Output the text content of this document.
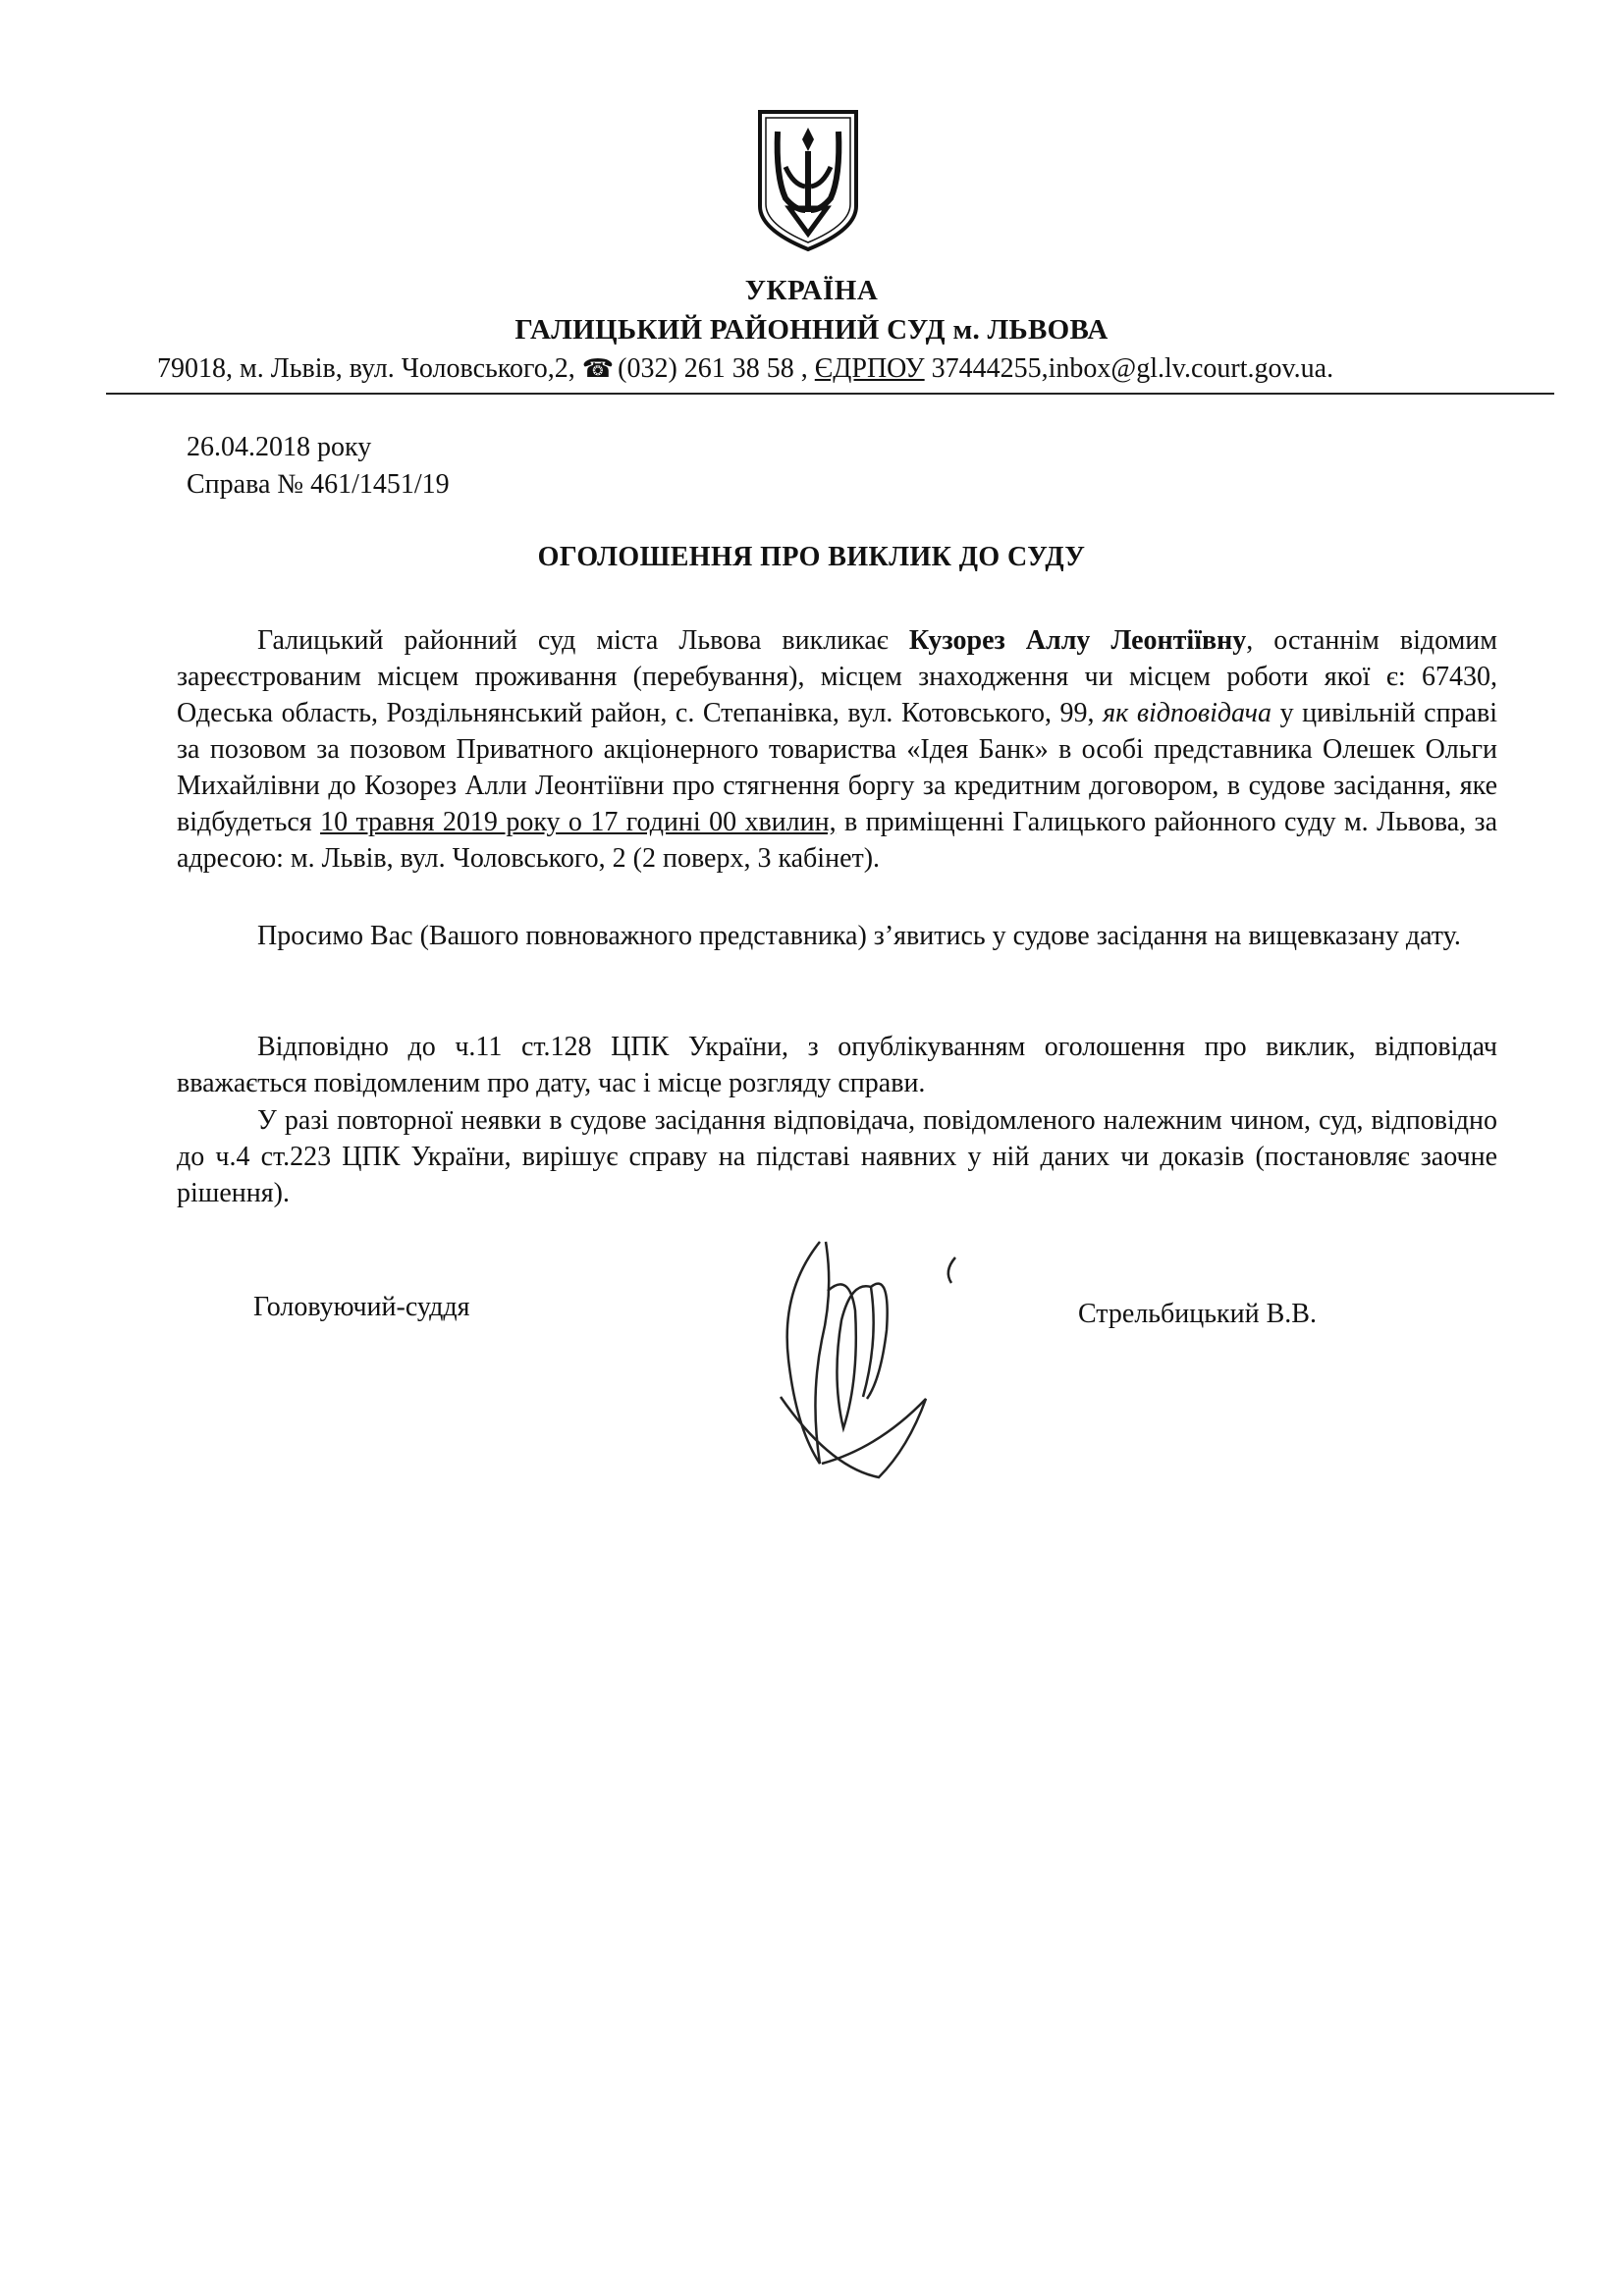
УКРАЇНА
ГАЛИЦЬКИЙ РАЙОННИЙ СУД м. ЛЬВОВА
79018, м. Львів, вул. Чоловського,2, ☎ (032) 261 38 58 , ЄДРПОУ 37444255,inbox@gl.lv.court.gov.ua.
26.04.2018 року
Справа № 461/1451/19
ОГОЛОШЕННЯ ПРО ВИКЛИК ДО СУДУ

Галицький районний суд міста Львова викликає Кузорез Аллу Леонтіївну, останнім відомим зареєстрованим місцем проживання (перебування), місцем знаходження чи місцем роботи якої є: 67430, Одеська область, Роздільнянський район, с. Степанівка, вул. Котовського, 99, як відповідача у цивільній справі за позовом за позовом Приватного акціонерного товариства «Ідея Банк» в особі представника Олешек Ольги Михайлівни до Козорез Алли Леонтіївни про стягнення боргу за кредитним договором, в судове засідання, яке відбудеться 10 травня 2019 року о 17 годині 00 хвилин, в приміщенні Галицького районного суду м. Львова, за адресою: м. Львів, вул. Чоловського, 2 (2 поверх, 3 кабінет).

Просимо Вас (Вашого повноважного представника) з’явитись у судове засідання на вищевказану дату.

Відповідно до ч.11 ст.128 ЦПК України, з опублікуванням оголошення про виклик, відповідач вважається повідомленим про дату, час і місце розгляду справи.

У разі повторної неявки в судове засідання відповідача, повідомленого належним чином, суд, відповідно до ч.4 ст.223 ЦПК України, вирішує справу на підставі наявних у ній даних чи доказів (постановляє заочне рішення).

Головуючий-суддя	Стрельбицький В.В.
